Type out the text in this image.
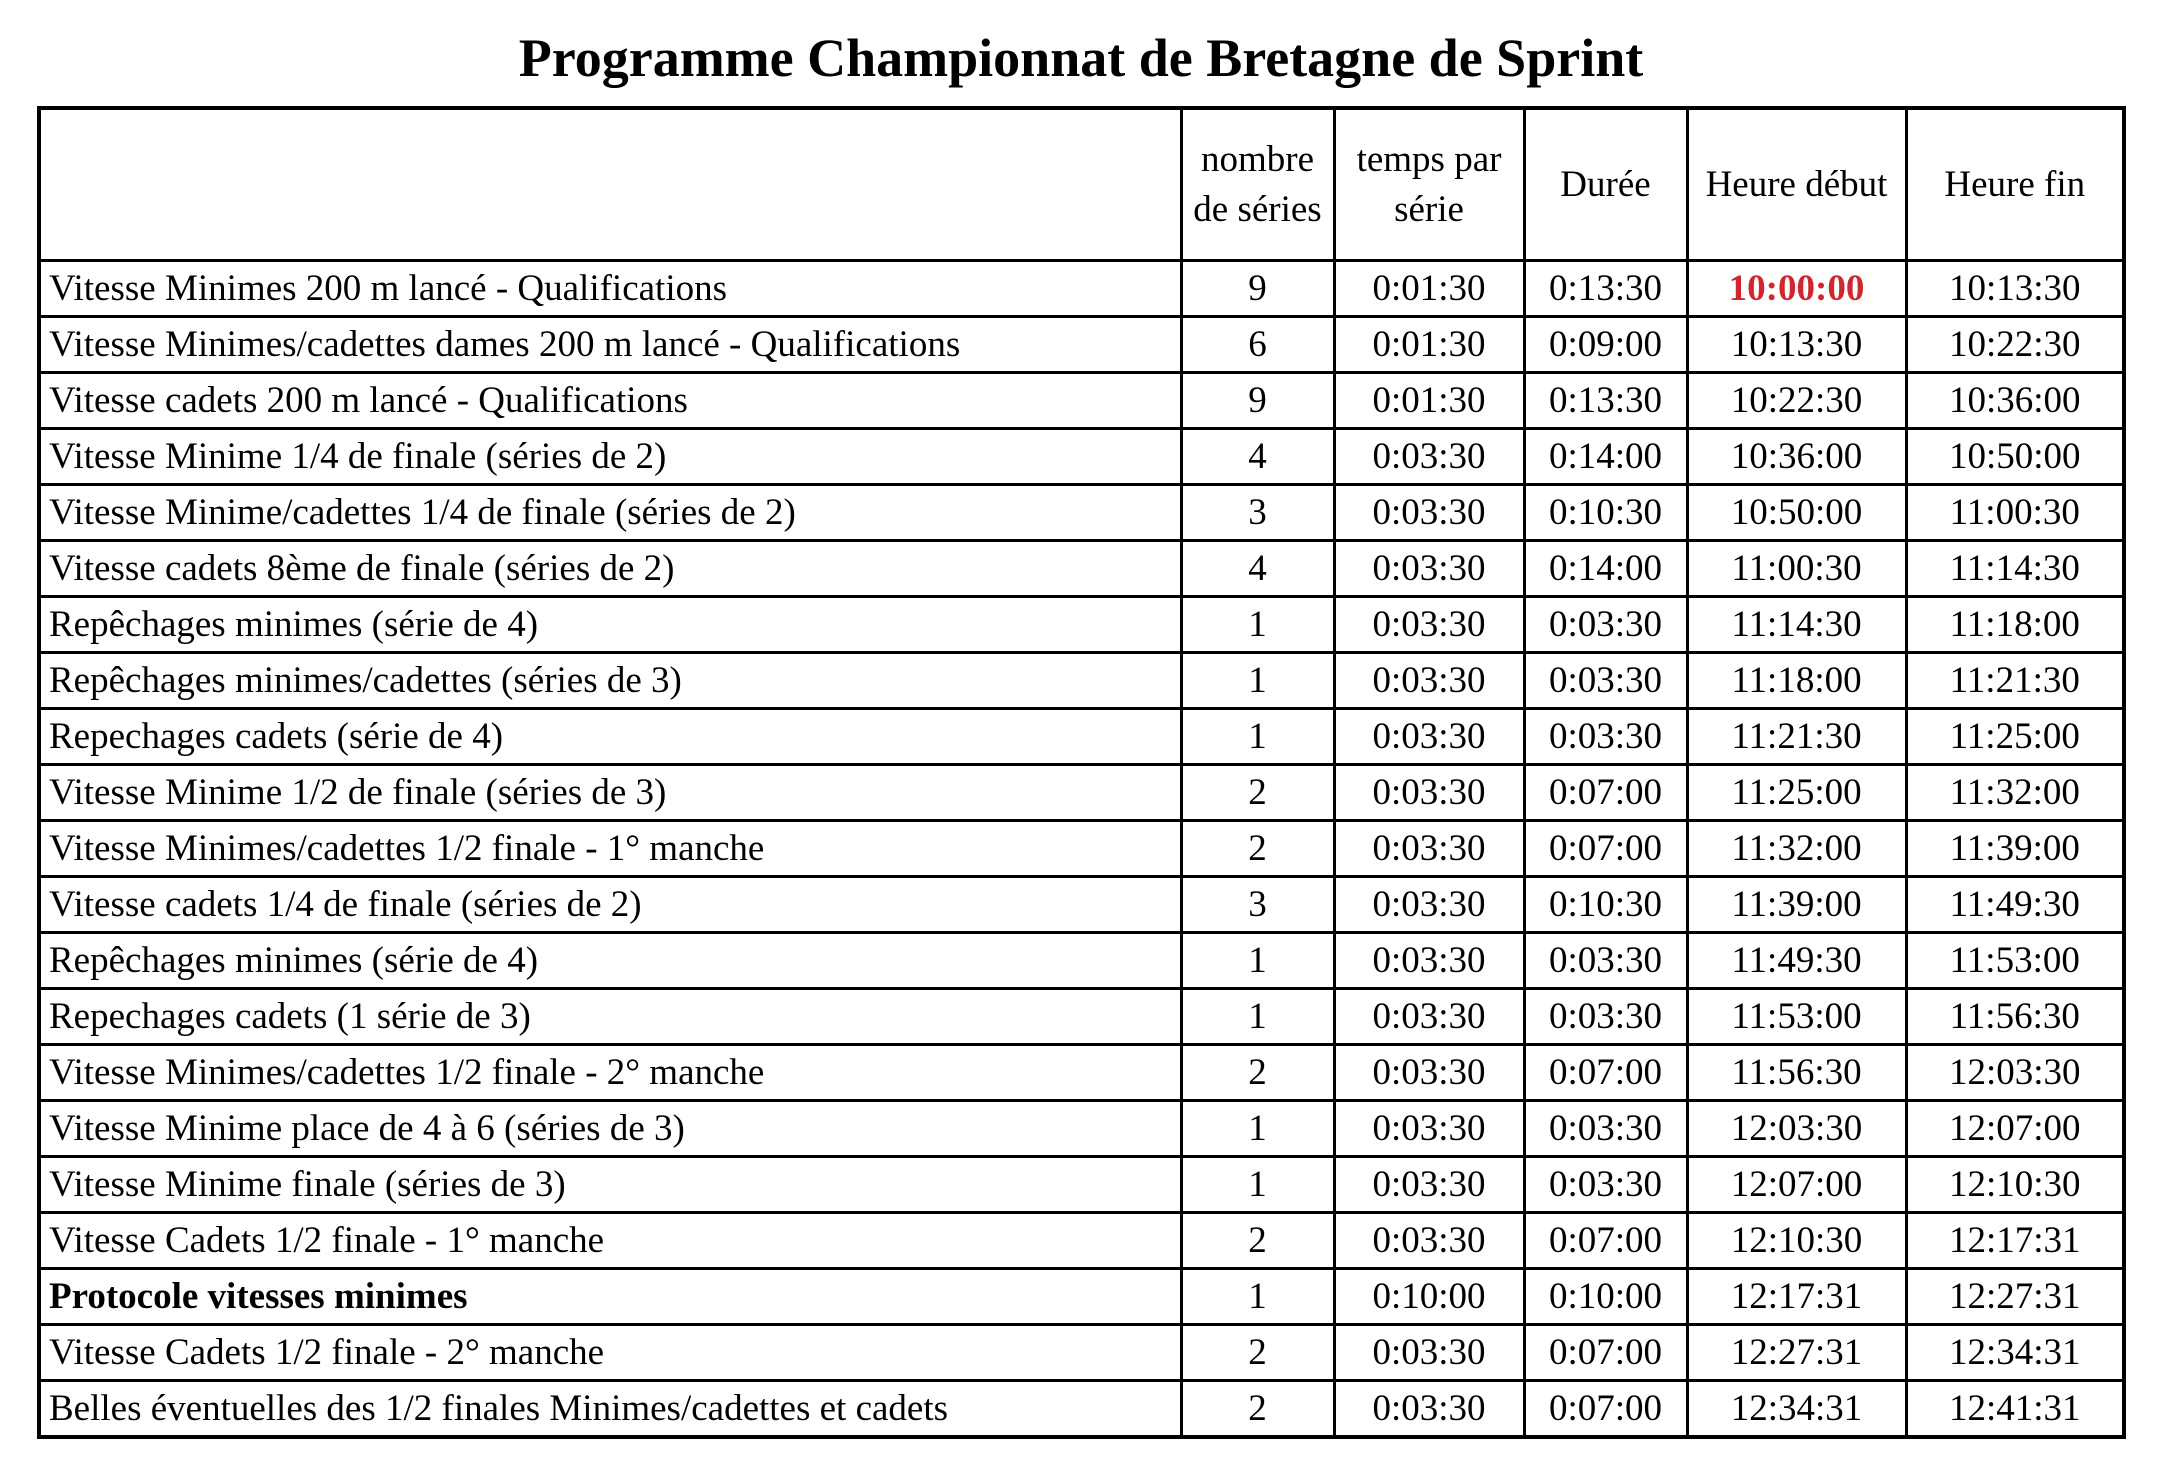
Programme Championnat de Bretagne de Sprint
	nombre de séries	temps par série	Durée	Heure début	Heure fin
Vitesse Minimes 200 m lancé - Qualifications	9	0:01:30	0:13:30	10:00:00	10:13:30
Vitesse Minimes/cadettes dames 200 m lancé - Qualifications	6	0:01:30	0:09:00	10:13:30	10:22:30
Vitesse cadets 200 m lancé - Qualifications	9	0:01:30	0:13:30	10:22:30	10:36:00
Vitesse Minime 1/4 de finale (séries de 2)	4	0:03:30	0:14:00	10:36:00	10:50:00
Vitesse Minime/cadettes 1/4 de finale (séries de 2)	3	0:03:30	0:10:30	10:50:00	11:00:30
Vitesse cadets 8ème de finale (séries de 2)	4	0:03:30	0:14:00	11:00:30	11:14:30
Repêchages minimes (série de 4)	1	0:03:30	0:03:30	11:14:30	11:18:00
Repêchages minimes/cadettes (séries de 3)	1	0:03:30	0:03:30	11:18:00	11:21:30
Repechages cadets (série de 4)	1	0:03:30	0:03:30	11:21:30	11:25:00
Vitesse Minime 1/2 de finale (séries de 3)	2	0:03:30	0:07:00	11:25:00	11:32:00
Vitesse Minimes/cadettes 1/2 finale - 1° manche	2	0:03:30	0:07:00	11:32:00	11:39:00
Vitesse cadets 1/4 de finale (séries de 2)	3	0:03:30	0:10:30	11:39:00	11:49:30
Repêchages minimes (série de 4)	1	0:03:30	0:03:30	11:49:30	11:53:00
Repechages cadets (1 série de 3)	1	0:03:30	0:03:30	11:53:00	11:56:30
Vitesse Minimes/cadettes 1/2 finale - 2° manche	2	0:03:30	0:07:00	11:56:30	12:03:30
Vitesse Minime place de 4 à 6 (séries de 3)	1	0:03:30	0:03:30	12:03:30	12:07:00
Vitesse Minime finale (séries de 3)	1	0:03:30	0:03:30	12:07:00	12:10:30
Vitesse Cadets 1/2 finale - 1° manche	2	0:03:30	0:07:00	12:10:30	12:17:31
Protocole vitesses minimes	1	0:10:00	0:10:00	12:17:31	12:27:31
Vitesse Cadets 1/2 finale - 2° manche	2	0:03:30	0:07:00	12:27:31	12:34:31
Belles éventuelles des 1/2 finales Minimes/cadettes et cadets	2	0:03:30	0:07:00	12:34:31	12:41:31
